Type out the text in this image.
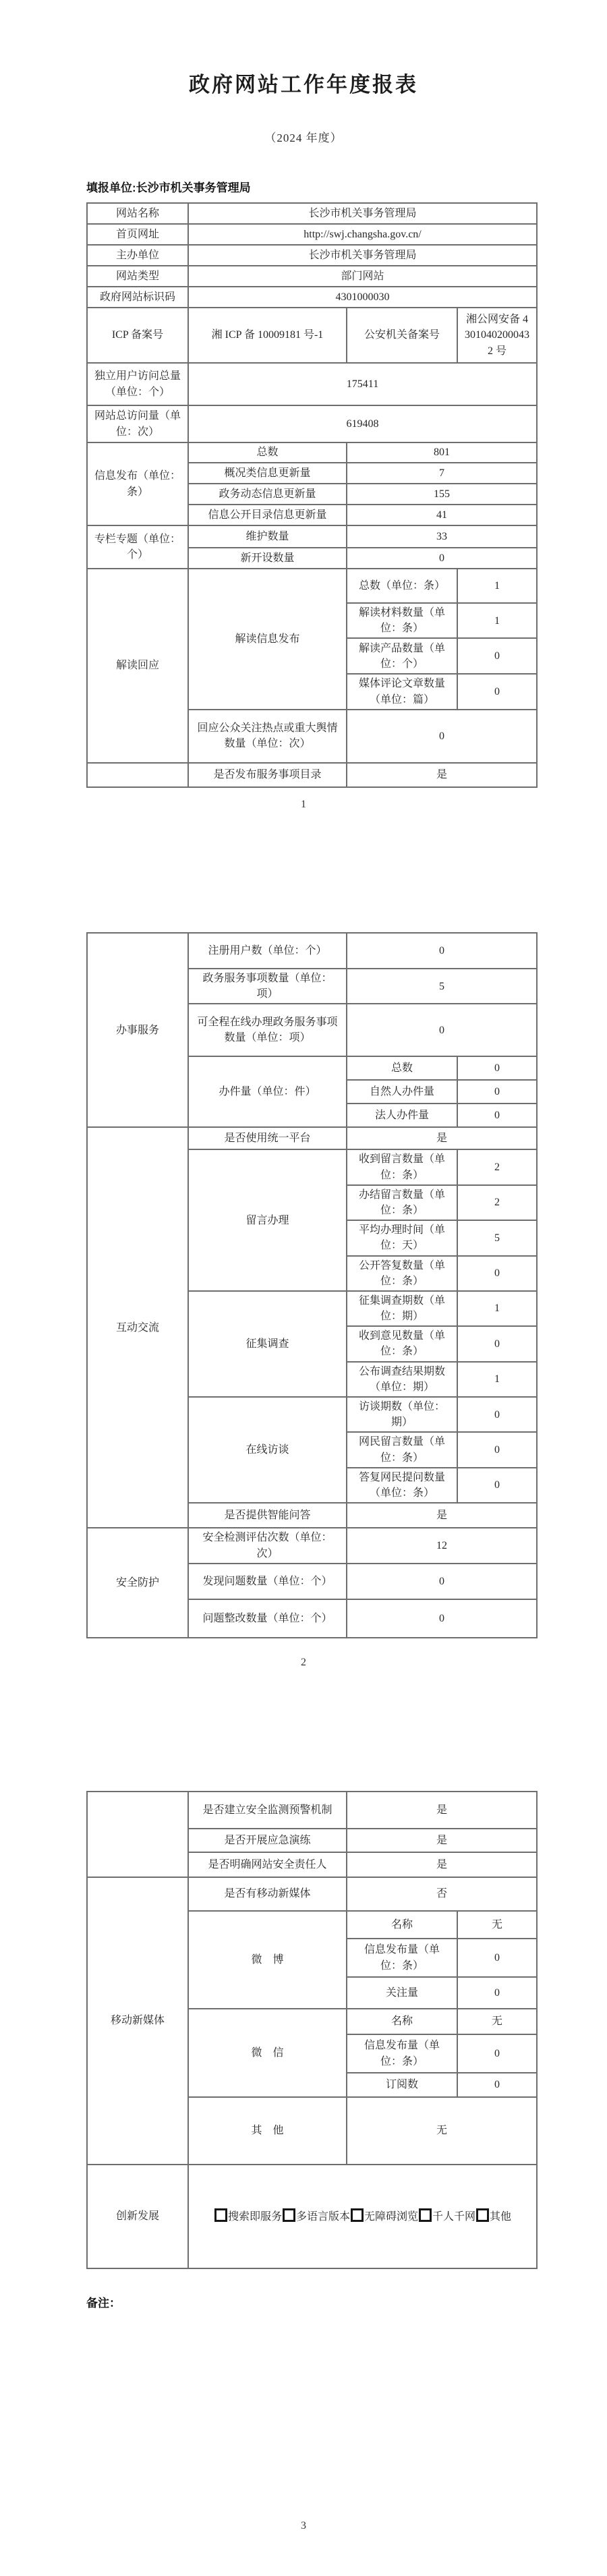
政府网站工作年度报表
（2024 年度）
填报单位:长沙市机关事务管理局
网站名称	长沙市机关事务管理局		
首页网址	http://swj.changsha.gov.cn/		
主办单位	长沙市机关事务管理局		
网站类型	部门网站		
政府网站标识码	4301000030		
ICP 备案号	湘 ICP 备 10009181 号-1	公安机关备案号	湘公网安备 43010402000432 号
独立用户访问总量（单位：个）	175411		
网站总访问量（单位：次）	619408		
信息发布（单位：条）	总数	801	
	概况类信息更新量	7	
	政务动态信息更新量	155	
	信息公开目录信息更新量	41	
专栏专题（单位：个）	维护数量	33	
	新开设数量	0	
解读回应	解读信息发布	总数（单位：条）	1
		解读材料数量（单位：条）	1
		解读产品数量（单位：个）	0
		媒体评论文章数量（单位：篇）	0
	回应公众关注热点或重大舆情数量（单位：次）	0	
	是否发布服务事项目录	是	
1
办事服务	注册用户数（单位：个）	0	
	政务服务事项数量（单位：项）	5	
	可全程在线办理政务服务事项数量（单位：项）	0	
	办件量（单位：件）	总数	0
		自然人办件量	0
		法人办件量	0
互动交流	是否使用统一平台	是	
	留言办理	收到留言数量（单位：条）	2
		办结留言数量（单位：条）	2
		平均办理时间（单位：天）	5
		公开答复数量（单位：条）	0
	征集调查	征集调查期数（单位：期）	1
		收到意见数量（单位：条）	0
		公布调查结果期数（单位：期）	1
	在线访谈	访谈期数（单位：期）	0
		网民留言数量（单位：条）	0
		答复网民提问数量（单位：条）	0
	是否提供智能问答	是	
安全防护	安全检测评估次数（单位：次）	12	
	发现问题数量（单位：个）	0	
	问题整改数量（单位：个）	0	
2
	是否建立安全监测预警机制	是	
	是否开展应急演练	是	
	是否明确网站安全责任人	是	
移动新媒体	是否有移动新媒体	否	
	微　博	名称	无
		信息发布量（单位：条）	0
		关注量	0
	微　信	名称	无
		信息发布量（单位：条）	0
		订阅数	0
	其　他	无	
创新发展	搜索即服务 多语言版本 无障碍浏览 千人千网 其他		
备注：
3
